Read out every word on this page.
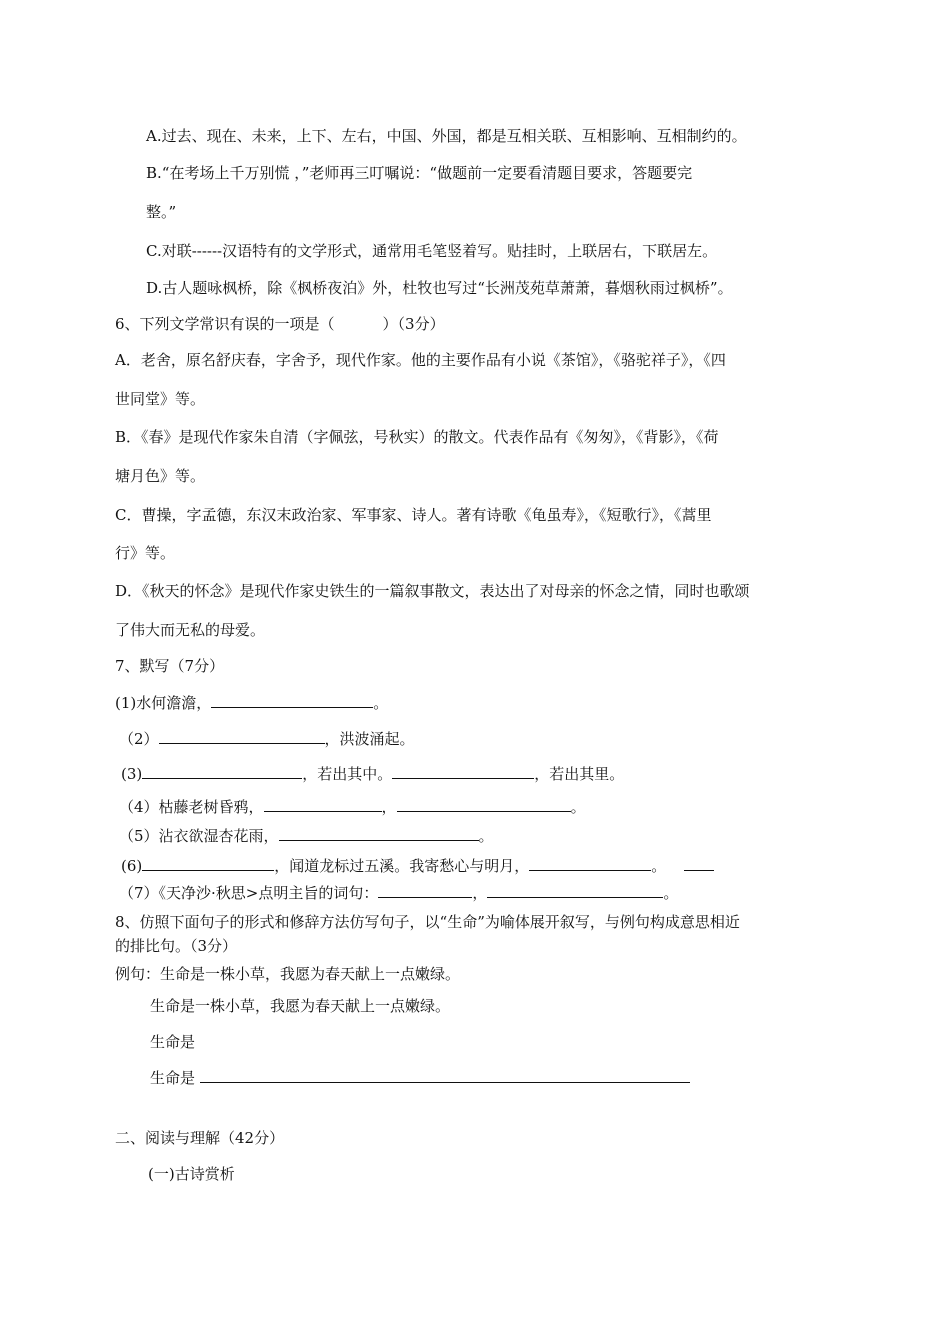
A.过去、现在、未来，上下、左右，中国、外国，都是互相关联、互相影响、互相制约的。
B.“在考场上千万别慌 ，”老师再三叮嘱说：“做题前一定要看清题目要求，答题要完
整。”
C.对联------汉语特有的文学形式，通常用毛笔竖着写。贴挂时，上联居右，下联居左。
D.古人题咏枫桥，除《枫桥夜泊》外，杜牧也写过“长洲茂苑草萧萧，暮烟秋雨过枫桥”。
6、下列文学常识有误的一项是（	）（3分）
A．老舍，原名舒庆春，字舍予，现代作家。他的主要作品有小说《茶馆》，《骆驼祥子》，《四
世同堂》等。
B．《春》是现代作家朱自清（字佩弦，号秋实）的散文。代表作品有《匆匆》，《背影》，《荷
塘月色》等。
C．曹操，字孟德，东汉末政治家、军事家、诗人。著有诗歌《龟虽寿》，《短歌行》，《蒿里
行》等。
D．《秋天的怀念》是现代作家史铁生的一篇叙事散文，表达出了对母亲的怀念之情，同时也歌颂
了伟大而无私的母爱。
7、默写（7分）
(1)水何澹澹，	。
（2）	，洪波涌起。
(3)	，若出其中。	，若出其里。
（4）枯藤老树昏鸦，	，	。
（5）沾衣欲湿杏花雨，	。
(6)	，闻道龙标过五溪。我寄愁心与明月，	。
（7）《天净沙·秋思>点明主旨的词句：	，	。
8、仿照下面句子的形式和修辞方法仿写句子，以“生命”为喻体展开叙写，与例句构成意思相近
的排比句。（3分）
例句：生命是一株小草，我愿为春天献上一点嫩绿。
生命是一株小草，我愿为春天献上一点嫩绿。
生命是
生命是
二、阅读与理解（42分）
(一)古诗赏析
